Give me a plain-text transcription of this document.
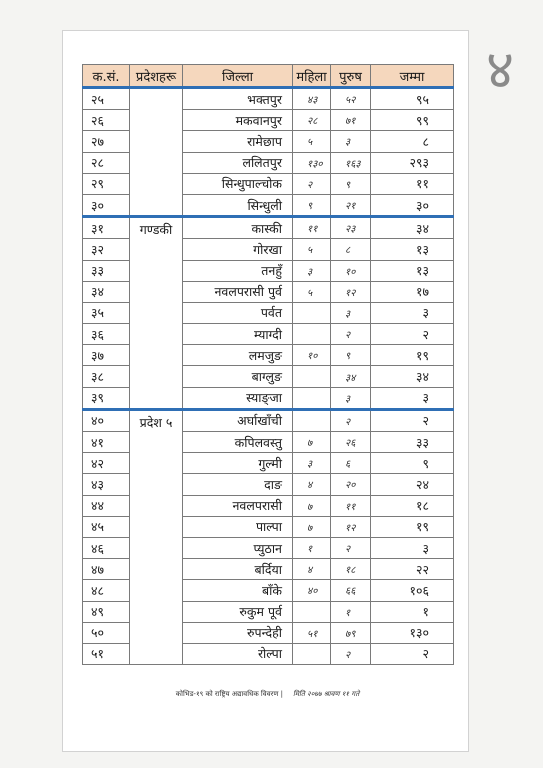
४
क.सं.	प्रदेशहरू	जिल्ला	महिला	पुरुष	जम्मा
२५		भक्तपुर	४३	५२	९५
२६		मकवानपुर	२८	७१	९९
२७		रामेछाप	५	३	८
२८		ललितपुर	१३०	१६३	२९३
२९		सिन्धुपाल्चोक	२	९	११
३०		सिन्धुली	९	२१	३०
३१	गण्डकी	कास्की	११	२३	३४
३२		गोरखा	५	८	१३
३३		तनहुँ	३	१०	१३
३४		नवलपरासी पुर्व	५	१२	१७
३५		पर्वत		३	३
३६		म्याग्दी		२	२
३७		लमजुङ	१०	९	१९
३८		बाग्लुङ		३४	३४
३९		स्याङ्जा		३	३
४०	प्रदेश ५	अर्घाखाँची		२	२
४१		कपिलवस्तु	७	२६	३३
४२		गुल्मी	३	६	९
४३		दाङ	४	२०	२४
४४		नवलपरासी	७	११	१८
४५		पाल्पा	७	१२	१९
४६		प्युठान	१	२	३
४७		बर्दिया	४	१८	२२
४८		बाँके	४०	६६	१०६
४९		रुकुम पूर्व		१	१
५०		रुपन्देही	५१	७९	१३०
५१		रोल्पा		२	२
कोभिड-१९ को राष्ट्रिय अद्यावधिक विवरण | मिति २०७७ श्रावण ११ गते
